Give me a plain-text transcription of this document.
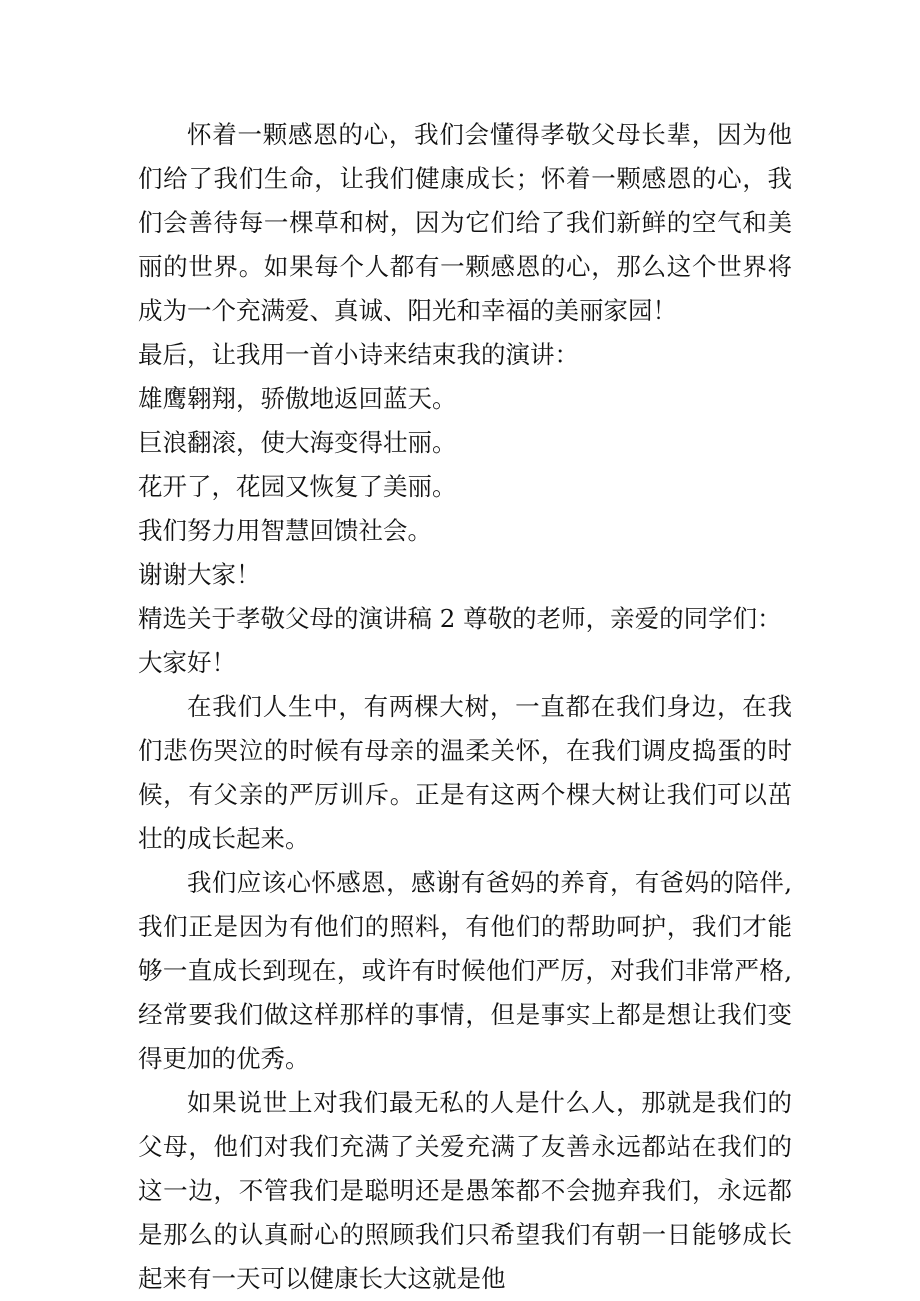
怀着一颗感恩的心，我们会懂得孝敬父母长辈，因为他们给了我们生命，让我们健康成长；怀着一颗感恩的心，我们会善待每一棵草和树，因为它们给了我们新鲜的空气和美丽的世界。如果每个人都有一颗感恩的心，那么这个世界将成为一个充满爱、真诚、阳光和幸福的美丽家园！

最后，让我用一首小诗来结束我的演讲：

雄鹰翱翔，骄傲地返回蓝天。

巨浪翻滚，使大海变得壮丽。

花开了，花园又恢复了美丽。

我们努力用智慧回馈社会。

谢谢大家！

精选关于孝敬父母的演讲稿 2 尊敬的老师，亲爱的同学们：

大家好！

在我们人生中，有两棵大树，一直都在我们身边，在我们悲伤哭泣的时候有母亲的温柔关怀，在我们调皮捣蛋的时候，有父亲的严厉训斥。正是有这两个棵大树让我们可以茁壮的成长起来。

我们应该心怀感恩，感谢有爸妈的养育，有爸妈的陪伴,我们正是因为有他们的照料，有他们的帮助呵护，我们才能够一直成长到现在，或许有时候他们严厉，对我们非常严格,经常要我们做这样那样的事情，但是事实上都是想让我们变得更加的优秀。

如果说世上对我们最无私的人是什么人，那就是我们的父母，他们对我们充满了关爱充满了友善永远都站在我们的这一边，不管我们是聪明还是愚笨都不会抛弃我们，永远都是那么的认真耐心的照顾我们只希望我们有朝一日能够成长起来有一天可以健康长大这就是他
